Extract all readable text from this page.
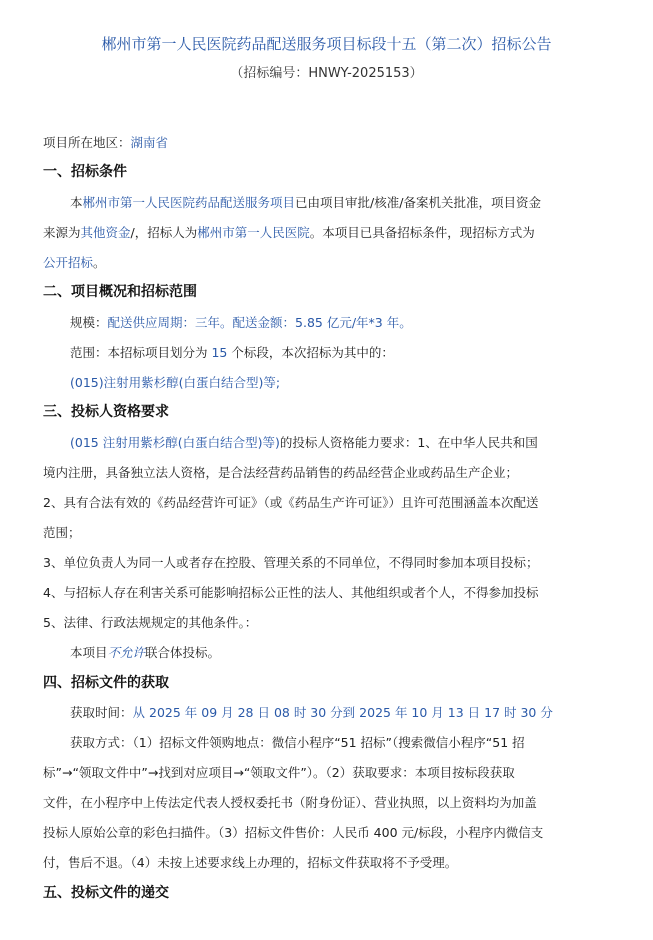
郴州市第一人民医院药品配送服务项目标段十五（第二次）招标公告
（招标编号：HNWY-2025153）
项目所在地区：湖南省
一、招标条件
本郴州市第一人民医院药品配送服务项目已由项目审批/核准/备案机关批准，项目资金
来源为其他资金/，招标人为郴州市第一人民医院。本项目已具备招标条件，现招标方式为
公开招标。
二、项目概况和招标范围
规模：配送供应周期：三年。配送金额：5.85 亿元/年*3 年。
范围：本招标项目划分为 15 个标段，本次招标为其中的：
(015)注射用紫杉醇(白蛋白结合型)等;
三、投标人资格要求
(015 注射用紫杉醇(白蛋白结合型)等)的投标人资格能力要求：1、在中华人民共和国
境内注册，具备独立法人资格，是合法经营药品销售的药品经营企业或药品生产企业；
2、具有合法有效的《药品经营许可证》（或《药品生产许可证》）且许可范围涵盖本次配送
范围；
3、单位负责人为同一人或者存在控股、管理关系的不同单位，不得同时参加本项目投标；
4、与招标人存在利害关系可能影响招标公正性的法人、其他组织或者个人，不得参加投标
5、法律、行政法规规定的其他条件。：
本项目不允许联合体投标。
四、招标文件的获取
获取时间：从 2025 年 09 月 28 日 08 时 30 分到 2025 年 10 月 13 日 17 时 30 分
获取方式：（1）招标文件领购地点：微信小程序“51 招标”（搜索微信小程序“51 招
标”→“领取文件中”→找到对应项目→“领取文件”）。（2）获取要求：本项目按标段获取
文件，在小程序中上传法定代表人授权委托书（附身份证）、营业执照，以上资料均为加盖
投标人原始公章的彩色扫描件。（3）招标文件售价：人民币 400 元/标段，小程序内微信支
付，售后不退。（4）未按上述要求线上办理的，招标文件获取将不予受理。
五、投标文件的递交
